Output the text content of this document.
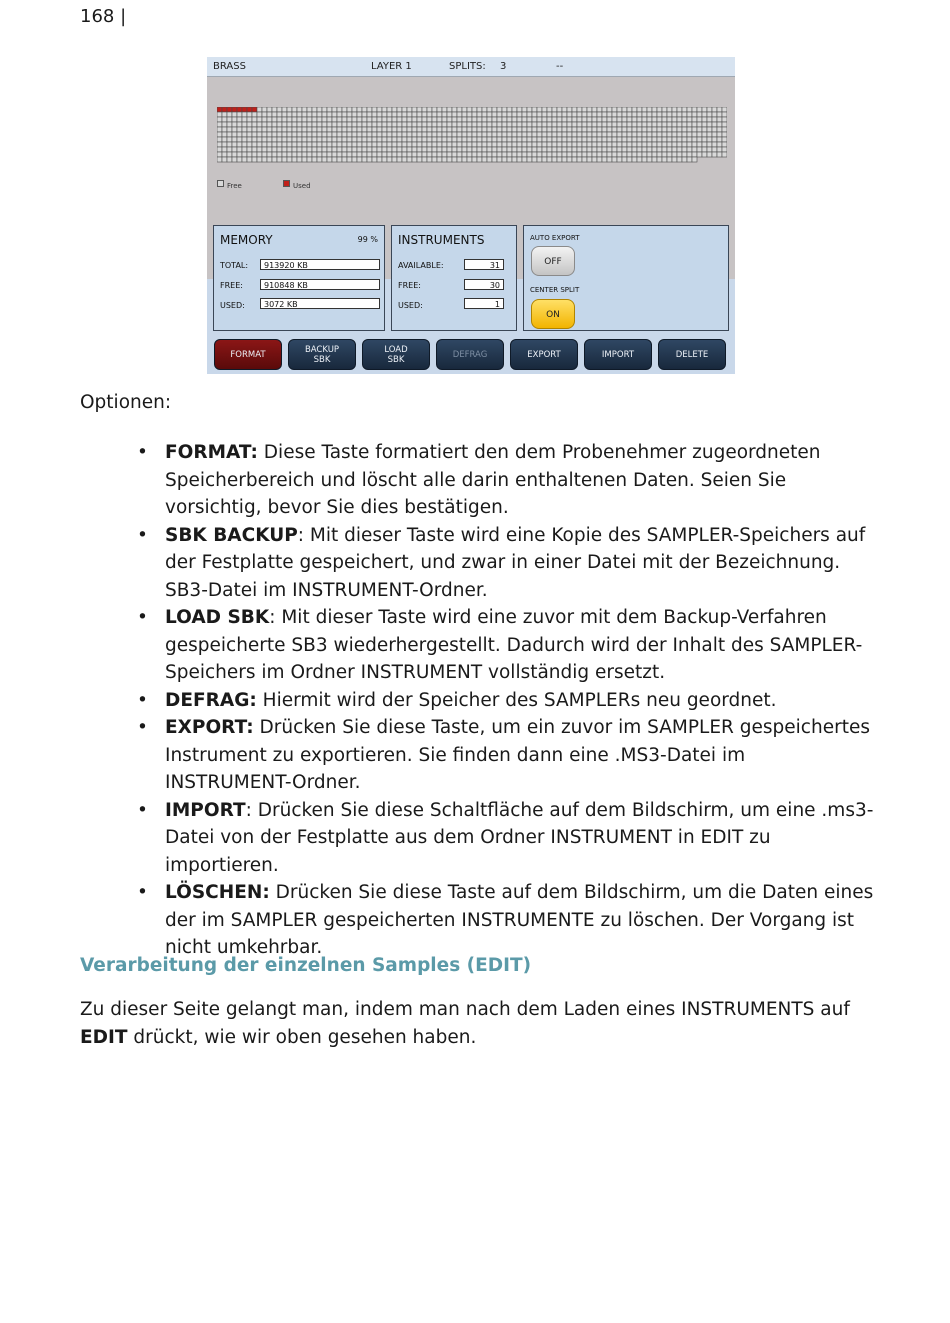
168 |
BRASS	LAYER 1	SPLITS: 3	--
Free	Used
MEMORY	99 %
TOTAL:	913920 KB
FREE:	910848 KB
USED:	3072 KB
INSTRUMENTS
AVAILABLE:	31
FREE:	30
USED:	1
AUTO EXPORT
OFF
CENTER SPLIT
ON
FORMAT	BACKUP
SBK
LOAD
SBK	DEFRAG	EXPORT	IMPORT	DELETE
Optionen:
• FORMAT: Diese Taste formatiert den dem Probenehmer zugeordneten Speicherbereich und löscht alle darin enthaltenen Daten. Seien Sie vorsichtig, bevor Sie dies bestätigen.
• SBK BACKUP: Mit dieser Taste wird eine Kopie des SAMPLER-Speichers auf der Festplatte gespeichert, und zwar in einer Datei mit der Bezeichnung. SB3-Datei im INSTRUMENT-Ordner.
• LOAD SBK: Mit dieser Taste wird eine zuvor mit dem Backup-Verfahren gespeicherte SB3 wiederhergestellt. Dadurch wird der Inhalt des SAMPLER-Speichers im Ordner INSTRUMENT vollständig ersetzt.
• DEFRAG: Hiermit wird der Speicher des SAMPLERs neu geordnet.
• EXPORT: Drücken Sie diese Taste, um ein zuvor im SAMPLER gespeichertes Instrument zu exportieren. Sie finden dann eine .MS3-Datei im INSTRUMENT-Ordner.
• IMPORT: Drücken Sie diese Schaltfläche auf dem Bildschirm, um eine .ms3-Datei von der Festplatte aus dem Ordner INSTRUMENT in EDIT zu importieren.
• LÖSCHEN: Drücken Sie diese Taste auf dem Bildschirm, um die Daten eines der im SAMPLER gespeicherten INSTRUMENTE zu löschen. Der Vorgang ist nicht umkehrbar.
Verarbeitung der einzelnen Samples (EDIT)
Zu dieser Seite gelangt man, indem man nach dem Laden eines INSTRUMENTS auf EDIT drückt, wie wir oben gesehen haben.
